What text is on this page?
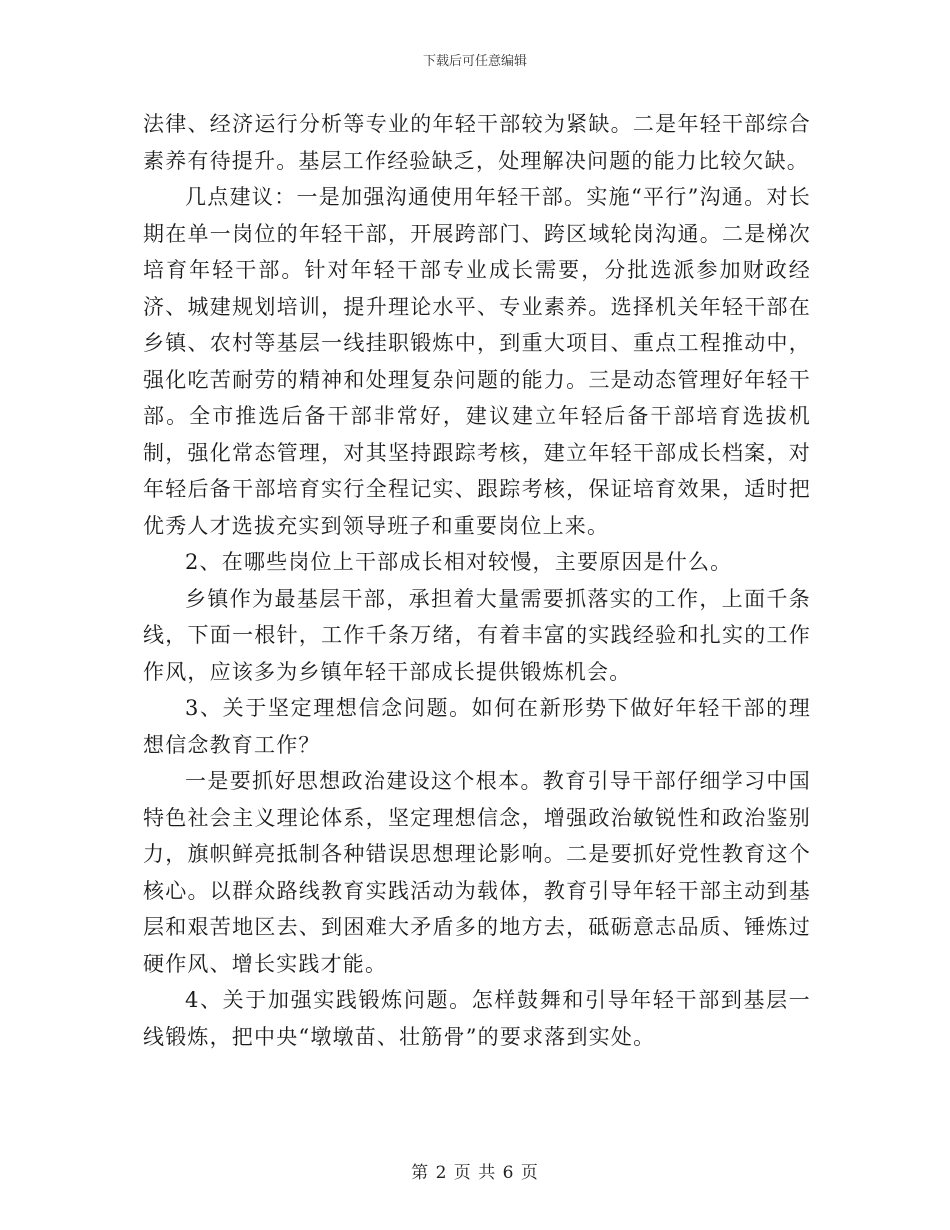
下载后可任意编辑

法律、经济运行分析等专业的年轻干部较为紧缺。二是年轻干部综合素养有待提升。基层工作经验缺乏，处理解决问题的能力比较欠缺。

几点建议：一是加强沟通使用年轻干部。实施“平行”沟通。对长期在单一岗位的年轻干部，开展跨部门、跨区域轮岗沟通。二是梯次培育年轻干部。针对年轻干部专业成长需要，分批选派参加财政经济、城建规划培训，提升理论水平、专业素养。选择机关年轻干部在乡镇、农村等基层一线挂职锻炼中，到重大项目、重点工程推动中，强化吃苦耐劳的精神和处理复杂问题的能力。三是动态管理好年轻干部。全市推选后备干部非常好，建议建立年轻后备干部培育选拔机制，强化常态管理，对其坚持跟踪考核，建立年轻干部成长档案，对年轻后备干部培育实行全程记实、跟踪考核，保证培育效果，适时把优秀人才选拔充实到领导班子和重要岗位上来。

2、在哪些岗位上干部成长相对较慢，主要原因是什么。

乡镇作为最基层干部，承担着大量需要抓落实的工作，上面千条线，下面一根针，工作千条万绪，有着丰富的实践经验和扎实的工作作风，应该多为乡镇年轻干部成长提供锻炼机会。

3、关于坚定理想信念问题。如何在新形势下做好年轻干部的理想信念教育工作？

一是要抓好思想政治建设这个根本。教育引导干部仔细学习中国特色社会主义理论体系，坚定理想信念，增强政治敏锐性和政治鉴别力，旗帜鲜亮抵制各种错误思想理论影响。二是要抓好党性教育这个核心。以群众路线教育实践活动为载体，教育引导年轻干部主动到基层和艰苦地区去、到困难大矛盾多的地方去，砥砺意志品质、锤炼过硬作风、增长实践才能。

4、关于加强实践锻炼问题。怎样鼓舞和引导年轻干部到基层一线锻炼，把中央“墩墩苗、壮筋骨”的要求落到实处。

第 2 页 共 6 页
